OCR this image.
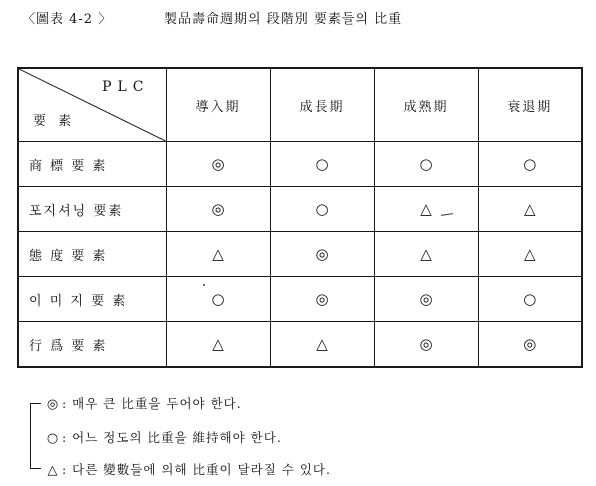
〈圖表 4-2 〉	製品壽命週期의 段階別 要素들의 比重
PLC
要 素	導入期	成長期	成熟期	衰退期
商 標 要 素	◎	○	○	○
포지셔닝 要素	◎	○	△	△
態 度 要 素	△	◎	△	△
이 미 지 要 素	○	◎	◎	○
行 爲 要 素	△	△	◎	◎
◎ : 매우 큰 比重을 두어야 한다.
○ : 어느 정도의 比重을 維持해야 한다.
△ : 다른 變數들에 의해 比重이 달라질 수 있다.
